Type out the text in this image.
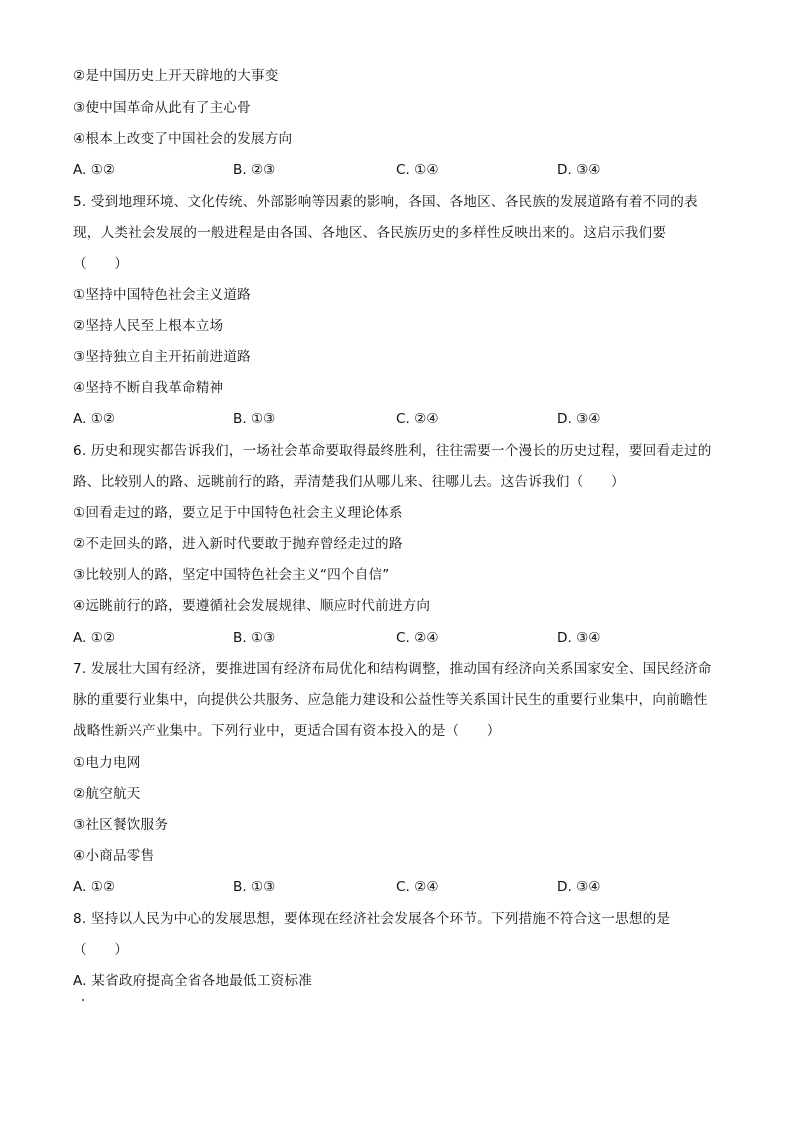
②是中国历史上开天辟地的大事变
③使中国革命从此有了主心骨
④根本上改变了中国社会的发展方向
A. ①②	B. ②③	C. ①④	D. ③④
5. 受到地理环境、文化传统、外部影响等因素的影响，各国、各地区、各民族的发展道路有着不同的表
现，人类社会发展的一般进程是由各国、各地区、各民族历史的多样性反映出来的。这启示我们要
（　　）
①坚持中国特色社会主义道路
②坚持人民至上根本立场
③坚持独立自主开拓前进道路
④坚持不断自我革命精神
A. ①②	B. ①③	C. ②④	D. ③④
6. 历史和现实都告诉我们，一场社会革命要取得最终胜利，往往需要一个漫长的历史过程，要回看走过的
路、比较别人的路、远眺前行的路，弄清楚我们从哪儿来、往哪儿去。这告诉我们（　　）
①回看走过的路，要立足于中国特色社会主义理论体系
②不走回头的路，进入新时代要敢于抛弃曾经走过的路
③比较别人的路，坚定中国特色社会主义“四个自信”
④远眺前行的路，要遵循社会发展规律、顺应时代前进方向
A. ①②	B. ①③	C. ②④	D. ③④
7. 发展壮大国有经济，要推进国有经济布局优化和结构调整，推动国有经济向关系国家安全、国民经济命
脉的重要行业集中，向提供公共服务、应急能力建设和公益性等关系国计民生的重要行业集中，向前瞻性
战略性新兴产业集中。下列行业中，更适合国有资本投入的是（　　）
①电力电网
②航空航天
③社区餐饮服务
④小商品零售
A. ①②	B. ①③	C. ②④	D. ③④
8. 坚持以人民为中心的发展思想，要体现在经济社会发展各个环节。下列措施不符合这一思想的是
（　　）
A. 某省政府提高全省各地最低工资标准
